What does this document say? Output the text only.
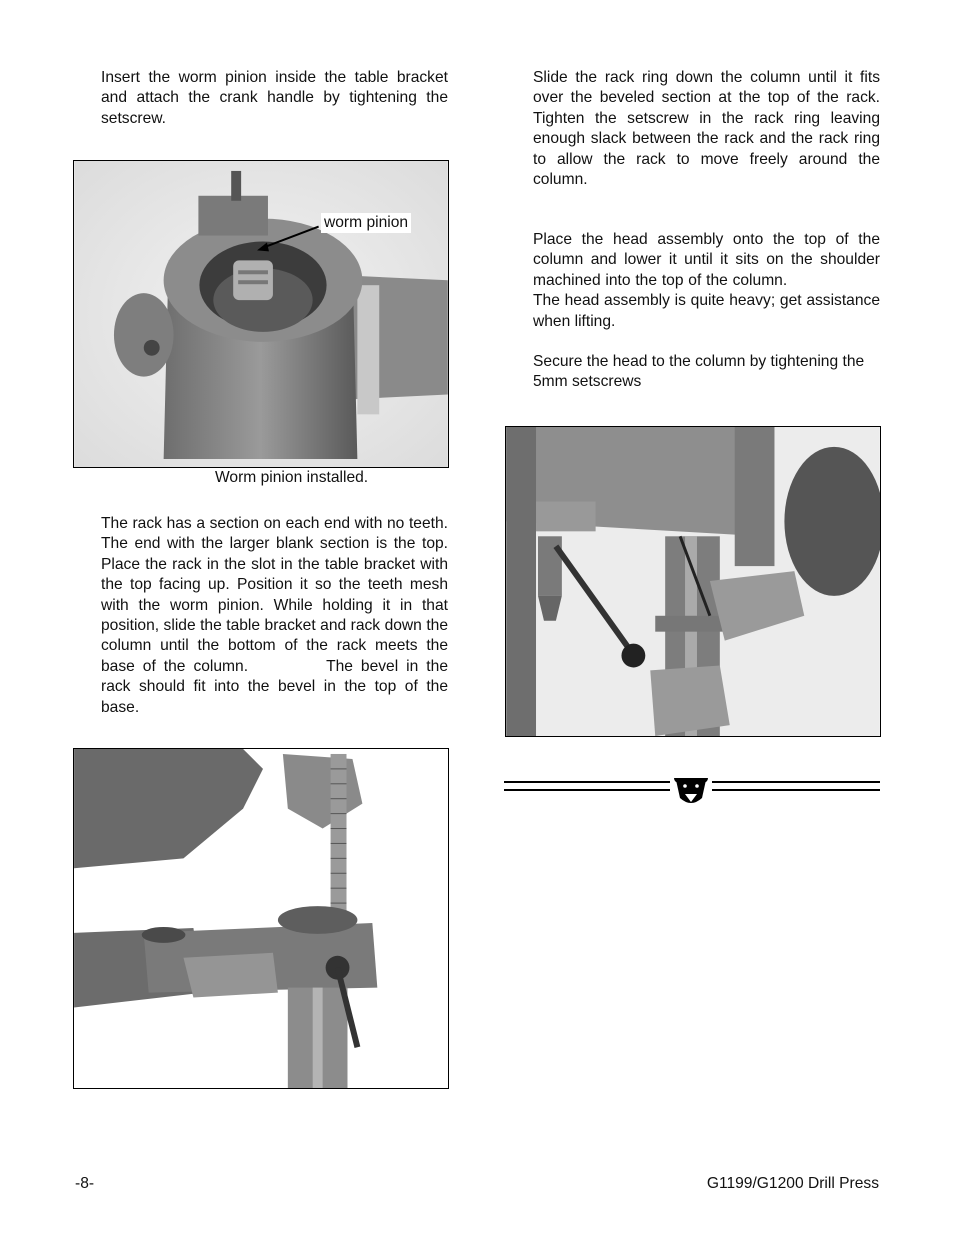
Insert the worm pinion inside the table bracket and attach the crank handle by tightening the setscrew.

worm pinion

Worm pinion installed.

The rack has a section on each end with no teeth. The end with the larger blank section is the top. Place the rack in the slot in the table bracket with the top facing up. Position it so the teeth mesh with the worm pinion. While holding it in that position, slide the table bracket and rack down the column until the bottom of the rack meets the base of the column.	The bevel in the rack should fit into the bevel in the top of the base.

Slide the rack ring down the column until it fits over the beveled section at the top of the rack. Tighten the setscrew in the rack ring leaving enough slack between the rack and the rack ring to allow the rack to move freely around the column.

Place the head assembly onto the top of the column and lower it until it sits on the shoulder machined into the top of the column. The head assembly is quite heavy; get assistance when lifting.

Secure the head to the column by tightening the 5mm setscrews

-8-	G1199/G1200 Drill Press
